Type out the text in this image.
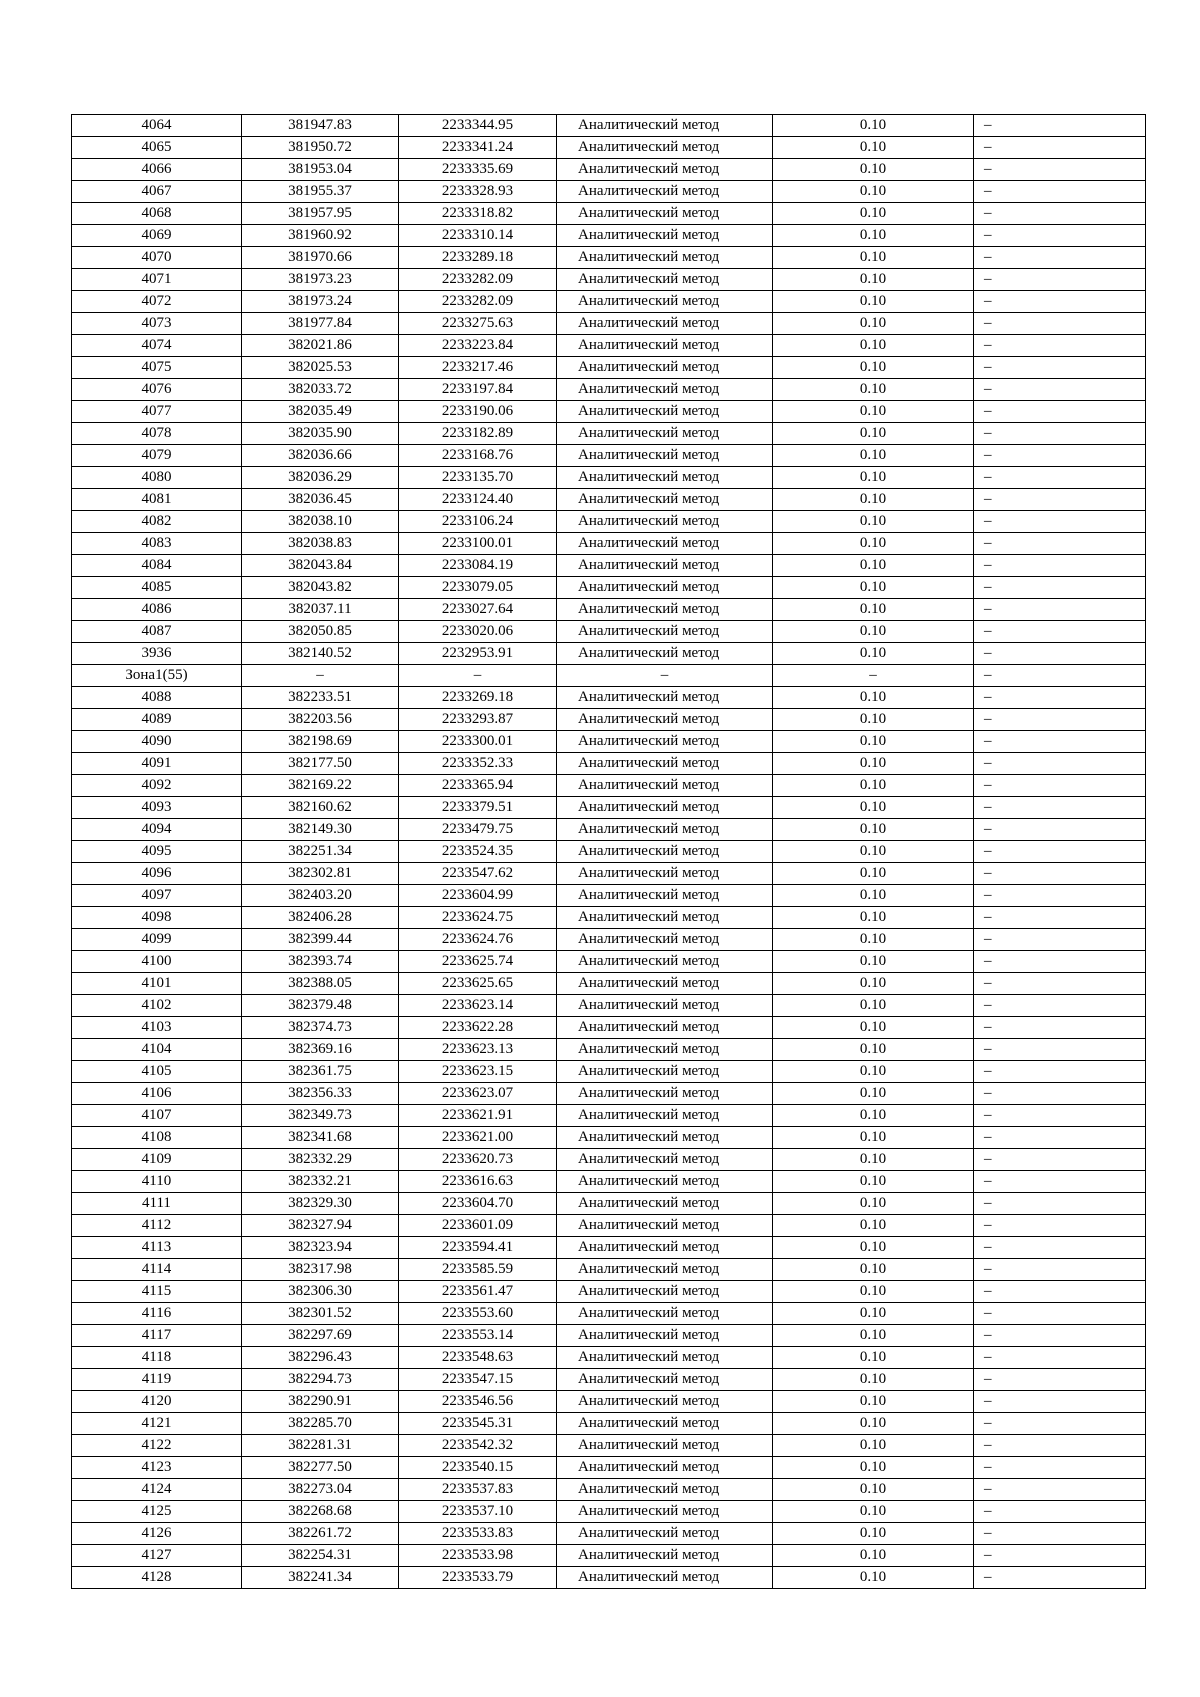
4064	381947.83	2233344.95	Аналитический метод	0.10	–
4065	381950.72	2233341.24	Аналитический метод	0.10	–
4066	381953.04	2233335.69	Аналитический метод	0.10	–
4067	381955.37	2233328.93	Аналитический метод	0.10	–
4068	381957.95	2233318.82	Аналитический метод	0.10	–
4069	381960.92	2233310.14	Аналитический метод	0.10	–
4070	381970.66	2233289.18	Аналитический метод	0.10	–
4071	381973.23	2233282.09	Аналитический метод	0.10	–
4072	381973.24	2233282.09	Аналитический метод	0.10	–
4073	381977.84	2233275.63	Аналитический метод	0.10	–
4074	382021.86	2233223.84	Аналитический метод	0.10	–
4075	382025.53	2233217.46	Аналитический метод	0.10	–
4076	382033.72	2233197.84	Аналитический метод	0.10	–
4077	382035.49	2233190.06	Аналитический метод	0.10	–
4078	382035.90	2233182.89	Аналитический метод	0.10	–
4079	382036.66	2233168.76	Аналитический метод	0.10	–
4080	382036.29	2233135.70	Аналитический метод	0.10	–
4081	382036.45	2233124.40	Аналитический метод	0.10	–
4082	382038.10	2233106.24	Аналитический метод	0.10	–
4083	382038.83	2233100.01	Аналитический метод	0.10	–
4084	382043.84	2233084.19	Аналитический метод	0.10	–
4085	382043.82	2233079.05	Аналитический метод	0.10	–
4086	382037.11	2233027.64	Аналитический метод	0.10	–
4087	382050.85	2233020.06	Аналитический метод	0.10	–
3936	382140.52	2232953.91	Аналитический метод	0.10	–
Зона1(55)	–	–	–	–	–
4088	382233.51	2233269.18	Аналитический метод	0.10	–
4089	382203.56	2233293.87	Аналитический метод	0.10	–
4090	382198.69	2233300.01	Аналитический метод	0.10	–
4091	382177.50	2233352.33	Аналитический метод	0.10	–
4092	382169.22	2233365.94	Аналитический метод	0.10	–
4093	382160.62	2233379.51	Аналитический метод	0.10	–
4094	382149.30	2233479.75	Аналитический метод	0.10	–
4095	382251.34	2233524.35	Аналитический метод	0.10	–
4096	382302.81	2233547.62	Аналитический метод	0.10	–
4097	382403.20	2233604.99	Аналитический метод	0.10	–
4098	382406.28	2233624.75	Аналитический метод	0.10	–
4099	382399.44	2233624.76	Аналитический метод	0.10	–
4100	382393.74	2233625.74	Аналитический метод	0.10	–
4101	382388.05	2233625.65	Аналитический метод	0.10	–
4102	382379.48	2233623.14	Аналитический метод	0.10	–
4103	382374.73	2233622.28	Аналитический метод	0.10	–
4104	382369.16	2233623.13	Аналитический метод	0.10	–
4105	382361.75	2233623.15	Аналитический метод	0.10	–
4106	382356.33	2233623.07	Аналитический метод	0.10	–
4107	382349.73	2233621.91	Аналитический метод	0.10	–
4108	382341.68	2233621.00	Аналитический метод	0.10	–
4109	382332.29	2233620.73	Аналитический метод	0.10	–
4110	382332.21	2233616.63	Аналитический метод	0.10	–
4111	382329.30	2233604.70	Аналитический метод	0.10	–
4112	382327.94	2233601.09	Аналитический метод	0.10	–
4113	382323.94	2233594.41	Аналитический метод	0.10	–
4114	382317.98	2233585.59	Аналитический метод	0.10	–
4115	382306.30	2233561.47	Аналитический метод	0.10	–
4116	382301.52	2233553.60	Аналитический метод	0.10	–
4117	382297.69	2233553.14	Аналитический метод	0.10	–
4118	382296.43	2233548.63	Аналитический метод	0.10	–
4119	382294.73	2233547.15	Аналитический метод	0.10	–
4120	382290.91	2233546.56	Аналитический метод	0.10	–
4121	382285.70	2233545.31	Аналитический метод	0.10	–
4122	382281.31	2233542.32	Аналитический метод	0.10	–
4123	382277.50	2233540.15	Аналитический метод	0.10	–
4124	382273.04	2233537.83	Аналитический метод	0.10	–
4125	382268.68	2233537.10	Аналитический метод	0.10	–
4126	382261.72	2233533.83	Аналитический метод	0.10	–
4127	382254.31	2233533.98	Аналитический метод	0.10	–
4128	382241.34	2233533.79	Аналитический метод	0.10	–
